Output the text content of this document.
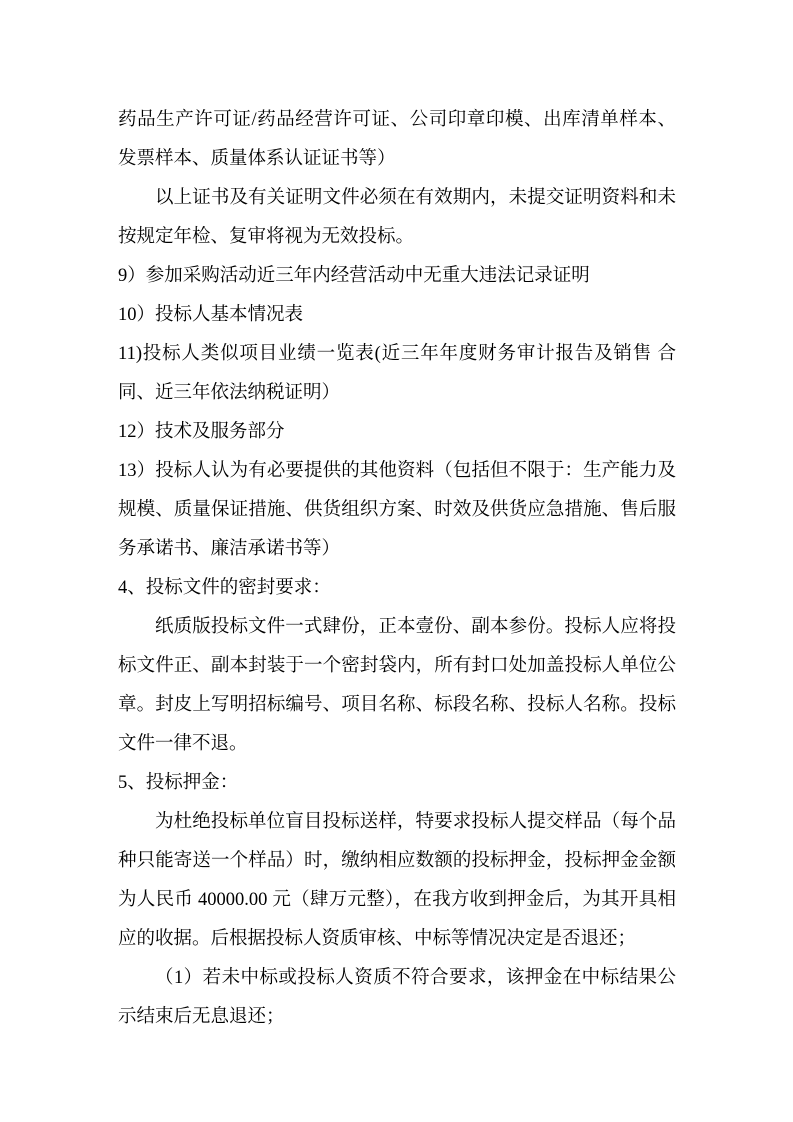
药品生产许可证/药品经营许可证、公司印章印模、出库清单样本、发票样本、质量体系认证证书等）

以上证书及有关证明文件必须在有效期内，未提交证明资料和未按规定年检、复审将视为无效投标。

9）参加采购活动近三年内经营活动中无重大违法记录证明

10）投标人基本情况表

11)投标人类似项目业绩一览表(近三年年度财务审计报告及销售 合同、近三年依法纳税证明）

12）技术及服务部分

13）投标人认为有必要提供的其他资料（包括但不限于：生产能力及规模、质量保证措施、供货组织方案、时效及供货应急措施、售后服务承诺书、廉洁承诺书等）

4、投标文件的密封要求：

纸质版投标文件一式肆份，正本壹份、副本参份。投标人应将投标文件正、副本封装于一个密封袋内，所有封口处加盖投标人单位公章。封皮上写明招标编号、项目名称、标段名称、投标人名称。投标文件一律不退。

5、投标押金：

为杜绝投标单位盲目投标送样，特要求投标人提交样品（每个品种只能寄送一个样品）时，缴纳相应数额的投标押金，投标押金金额为人民币 40000.00 元（肆万元整），在我方收到押金后，为其开具相应的收据。后根据投标人资质审核、中标等情况决定是否退还；

（1）若未中标或投标人资质不符合要求，该押金在中标结果公示结束后无息退还；
